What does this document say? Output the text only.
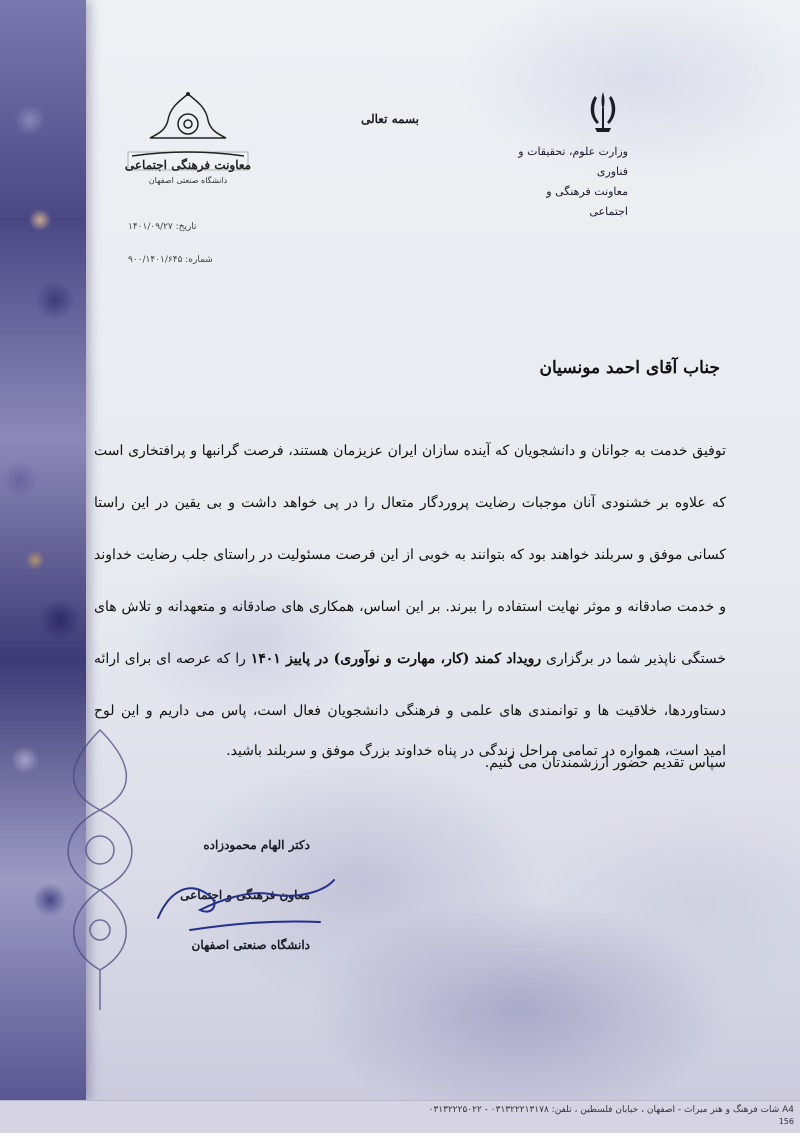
وزارت علوم، تحقیقات و فناوری
معاونت فرهنگی و اجتماعی
بسمه تعالی
معاونت فرهنگی اجتماعی
دانشگاه صنعتی اصفهان
تاریخ: ۱۴۰۱/۰۹/۲۷
شماره: ۹۰۰/۱۴۰۱/۶۴۵
جناب آقای احمد مونسیان
توفیق خدمت به جوانان و دانشجویان که آینده سازان ایران عزیزمان هستند، فرصت گرانبها و پرافتخاری است که علاوه بر خشنودی آنان موجبات رضایت پروردگار متعال را در پی خواهد داشت و بی یقین در این راستا کسانی موفق و سربلند خواهند بود که بتوانند به خوبی از این فرصت مسئولیت در راستای جلب رضایت خداوند و خدمت صادقانه و موثر نهایت استفاده را ببرند. بر این اساس، همکاری های صادقانه و متعهدانه و تلاش های خستگی ناپذیر شما در برگزاری رویداد کمند (کار، مهارت و نوآوری) در پاییز ۱۴۰۱ را که عرصه ای برای ارائه دستاوردها، خلاقیت ها و توانمندی های علمی و فرهنگی دانشجویان فعال است، پاس می داریم و این لوح سپاس تقدیم حضور ارزشمندتان می کنیم.
امید است، همواره در تمامی مراحل زندگی در پناه خداوند بزرگ موفق و سربلند باشید.
دکتر الهام محمودزاده
معاون فرهنگی و اجتماعی
دانشگاه صنعتی اصفهان
A4 شات فرهنگ و هنر میراث - اصفهان ، خیابان فلسطین ، تلفن: ۰۳۱۳۲۲۲۱۳۱۷۸ - ۰۳۱۳۲۲۲۵۰۲۲
156
